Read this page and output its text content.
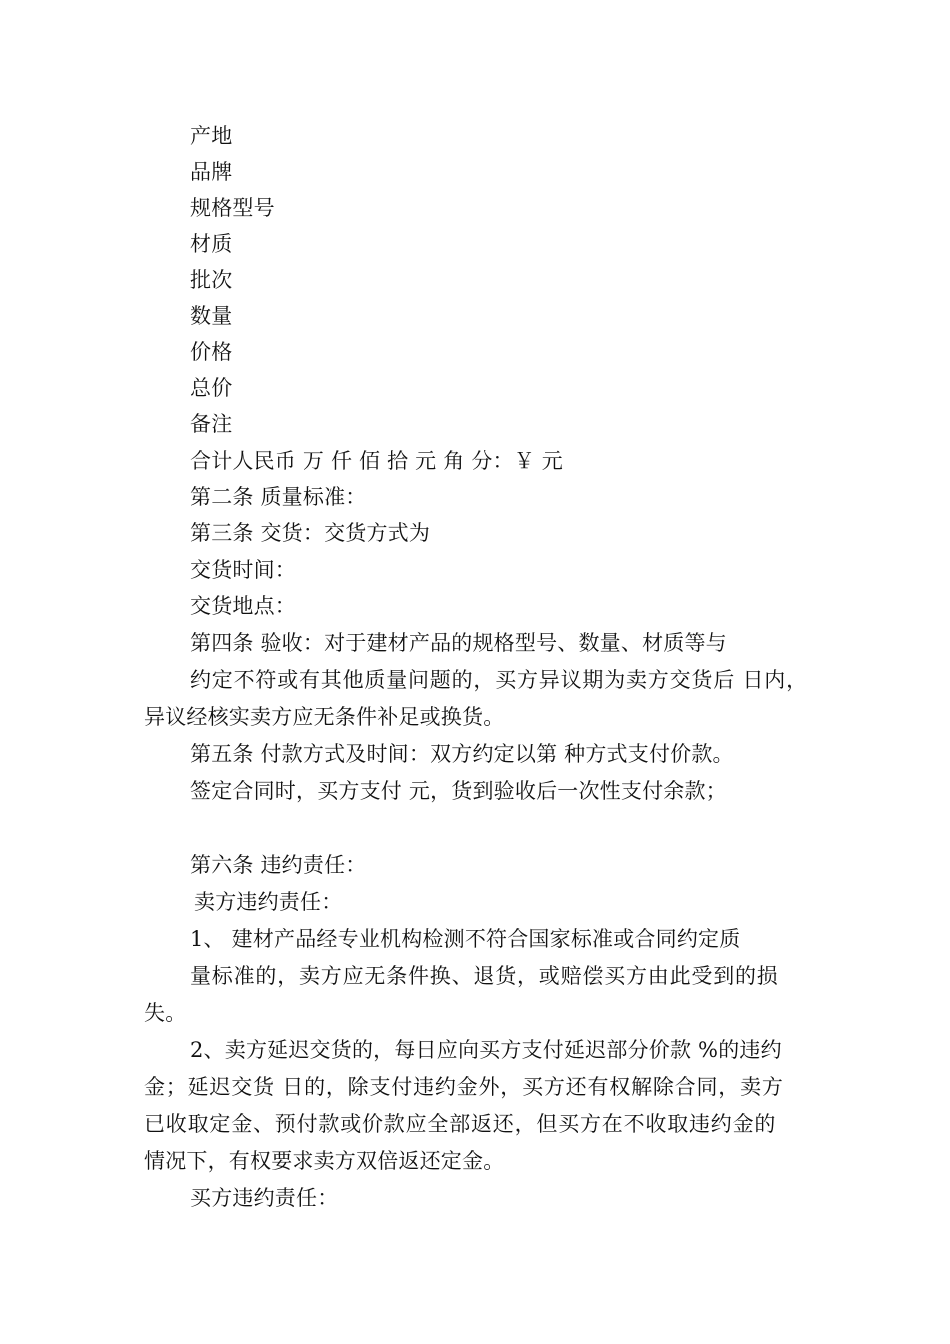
产地
品牌
规格型号
材质
批次
数量
价格
总价
备注
合计人民币 万 仟 佰 拾 元 角 分：￥ 元
第二条 质量标准：
第三条 交货：交货方式为
交货时间：
交货地点：
第四条 验收：对于建材产品的规格型号、数量、材质等与
约定不符或有其他质量问题的，买方异议期为卖方交货后 日内，
异议经核实卖方应无条件补足或换货。
第五条 付款方式及时间：双方约定以第 种方式支付价款。
签定合同时，买方支付 元，货到验收后一次性支付余款；
第六条 违约责任：
卖方违约责任：
1、 建材产品经专业机构检测不符合国家标准或合同约定质
量标准的，卖方应无条件换、退货，或赔偿买方由此受到的损
失。
2、卖方延迟交货的，每日应向买方支付延迟部分价款 %的违约
金；延迟交货 日的，除支付违约金外，买方还有权解除合同，卖方
已收取定金、预付款或价款应全部返还，但买方在不收取违约金的
情况下，有权要求卖方双倍返还定金。
买方违约责任：
